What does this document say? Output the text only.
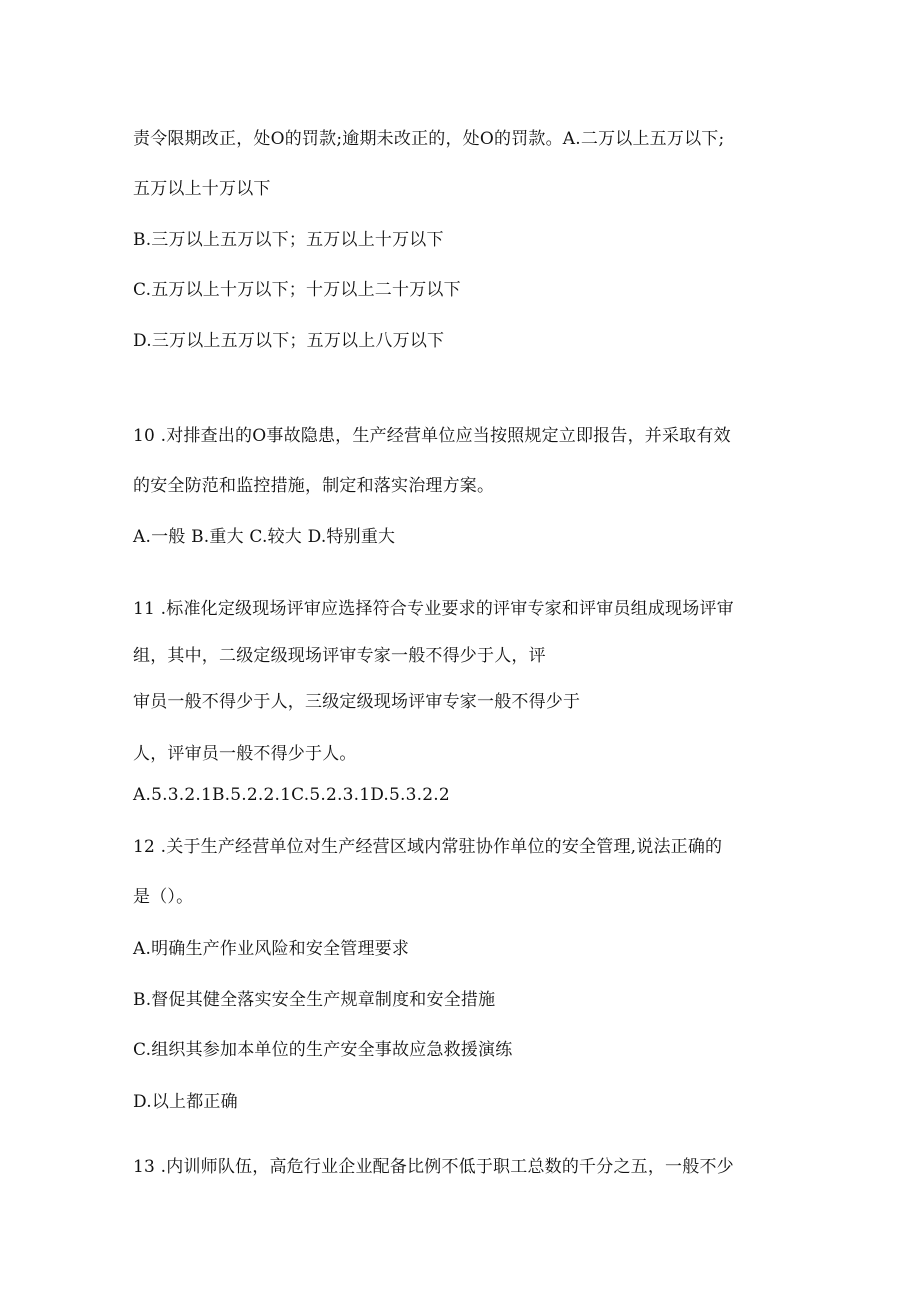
责令限期改正，处O的罚款;逾期未改正的，处O的罚款。A.二万以上五万以下;
五万以上十万以下
B.三万以上五万以下；五万以上十万以下
C.五万以上十万以下；十万以上二十万以下
D.三万以上五万以下；五万以上八万以下
10 .对排查出的O事故隐患，生产经营单位应当按照规定立即报告，并采取有效
的安全防范和监控措施，制定和落实治理方案。
A.一般 B.重大 C.较大 D.特别重大
11 .标准化定级现场评审应选择符合专业要求的评审专家和评审员组成现场评审
组，其中，二级定级现场评审专家一般不得少于人，评
审员一般不得少于人，三级定级现场评审专家一般不得少于
人，评审员一般不得少于人。
A.5.3.2.1B.5.2.2.1C.5.2.3.1D.5.3.2.2
12 .关于生产经营单位对生产经营区域内常驻协作单位的安全管理,说法正确的
是（）。
A.明确生产作业风险和安全管理要求
B.督促其健全落实安全生产规章制度和安全措施
C.组织其参加本单位的生产安全事故应急救援演练
D.以上都正确
13 .内训师队伍，高危行业企业配备比例不低于职工总数的千分之五，一般不少
